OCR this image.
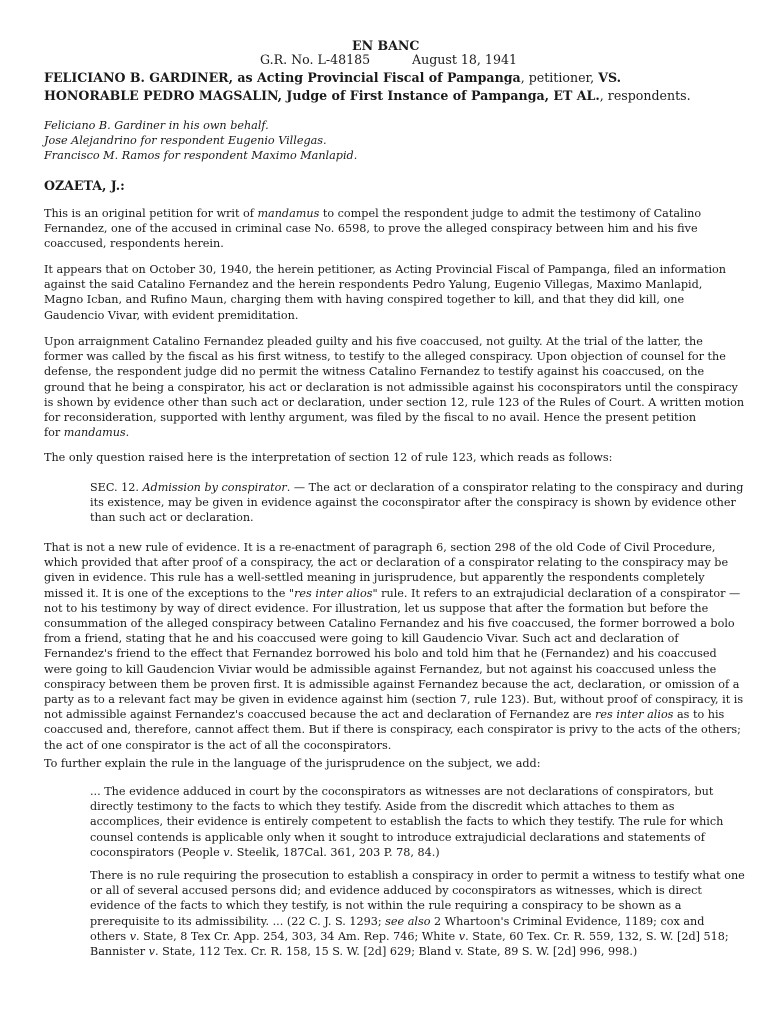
EN BANC
G.R. No. L-48185	August 18, 1941
FELICIANO B. GARDINER, as Acting Provincial Fiscal of Pampanga, petitioner, VS.
HONORABLE PEDRO MAGSALIN, Judge of First Instance of Pampanga, ET AL., respondents.
Feliciano B. Gardiner in his own behalf.
Jose Alejandrino for respondent Eugenio Villegas.
Francisco M. Ramos for respondent Maximo Manlapid.
OZAETA, J.:
This is an original petition for writ of mandamus to compel the respondent judge to admit the testimony of Catalino
Fernandez, one of the accused in criminal case No. 6598, to prove the alleged conspiracy between him and his five
coaccused, respondents herein.
It appears that on October 30, 1940, the herein petitioner, as Acting Provincial Fiscal of Pampanga, filed an information
against the said Catalino Fernandez and the herein respondents Pedro Yalung, Eugenio Villegas, Maximo Manlapid,
Magno Icban, and Rufino Maun, charging them with having conspired together to kill, and that they did kill, one
Gaudencio Vivar, with evident premiditation.
Upon arraignment Catalino Fernandez pleaded guilty and his five coaccused, not guilty. At the trial of the latter, the
former was called by the fiscal as his first witness, to testify to the alleged conspiracy. Upon objection of counsel for the
defense, the respondent judge did no permit the witness Catalino Fernandez to testify against his coaccused, on the
ground that he being a conspirator, his act or declaration is not admissible against his coconspirators until the conspiracy
is shown by evidence other than such act or declaration, under section 12, rule 123 of the Rules of Court. A written motion
for reconsideration, supported with lenthy argument, was filed by the fiscal to no avail. Hence the present petition
for mandamus.
The only question raised here is the interpretation of section 12 of rule 123, which reads as follows:
SEC. 12. Admission by conspirator. — The act or declaration of a conspirator relating to the conspiracy and during
its existence, may be given in evidence against the coconspirator after the conspiracy is shown by evidence other
than such act or declaration.
That is not a new rule of evidence. It is a re-enactment of paragraph 6, section 298 of the old Code of Civil Procedure,
which provided that after proof of a conspiracy, the act or declaration of a conspirator relating to the conspiracy may be
given in evidence. This rule has a well-settled meaning in jurisprudence, but apparently the respondents completely
missed it. It is one of the exceptions to the "res inter alios" rule. It refers to an extrajudicial declaration of a conspirator —
not to his testimony by way of direct evidence. For illustration, let us suppose that after the formation but before the
consummation of the alleged conspiracy between Catalino Fernandez and his five coaccused, the former borrowed a bolo
from a friend, stating that he and his coaccused were going to kill Gaudencio Vivar. Such act and declaration of
Fernandez's friend to the effect that Fernandez borrowed his bolo and told him that he (Fernandez) and his coaccused
were going to kill Gaudencion Viviar would be admissible against Fernandez, but not against his coaccused unless the
conspiracy between them be proven first. It is admissible against Fernandez because the act, declaration, or omission of a
party as to a relevant fact may be given in evidence against him (section 7, rule 123). But, without proof of conspiracy, it is
not admissible against Fernandez's coaccused because the act and declaration of Fernandez are res inter alios as to his
coaccused and, therefore, cannot affect them. But if there is conspiracy, each conspirator is privy to the acts of the others;
the act of one conspirator is the act of all the coconspirators.
To further explain the rule in the language of the jurisprudence on the subject, we add:
... The evidence adduced in court by the coconspirators as witnesses are not declarations of conspirators, but
directly testimony to the facts to which they testify. Aside from the discredit which attaches to them as
accomplices, their evidence is entirely competent to establish the facts to which they testify. The rule for which
counsel contends is applicable only when it sought to introduce extrajudicial declarations and statements of
coconspirators (People v. Steelik, 187Cal. 361, 203 P. 78, 84.)
There is no rule requiring the prosecution to establish a conspiracy in order to permit a witness to testify what one
or all of several accused persons did; and evidence adduced by coconspirators as witnesses, which is direct
evidence of the facts to which they testify, is not within the rule requiring a conspiracy to be shown as a
prerequisite to its admissibility. ... (22 C. J. S. 1293; see also 2 Whartoon's Criminal Evidence, 1189; cox and
others v. State, 8 Tex Cr. App. 254, 303, 34 Am. Rep. 746; White v. State, 60 Tex. Cr. R. 559, 132, S. W. [2d] 518;
Bannister v. State, 112 Tex. Cr. R. 158, 15 S. W. [2d] 629; Bland v. State, 89 S. W. [2d] 996, 998.)
